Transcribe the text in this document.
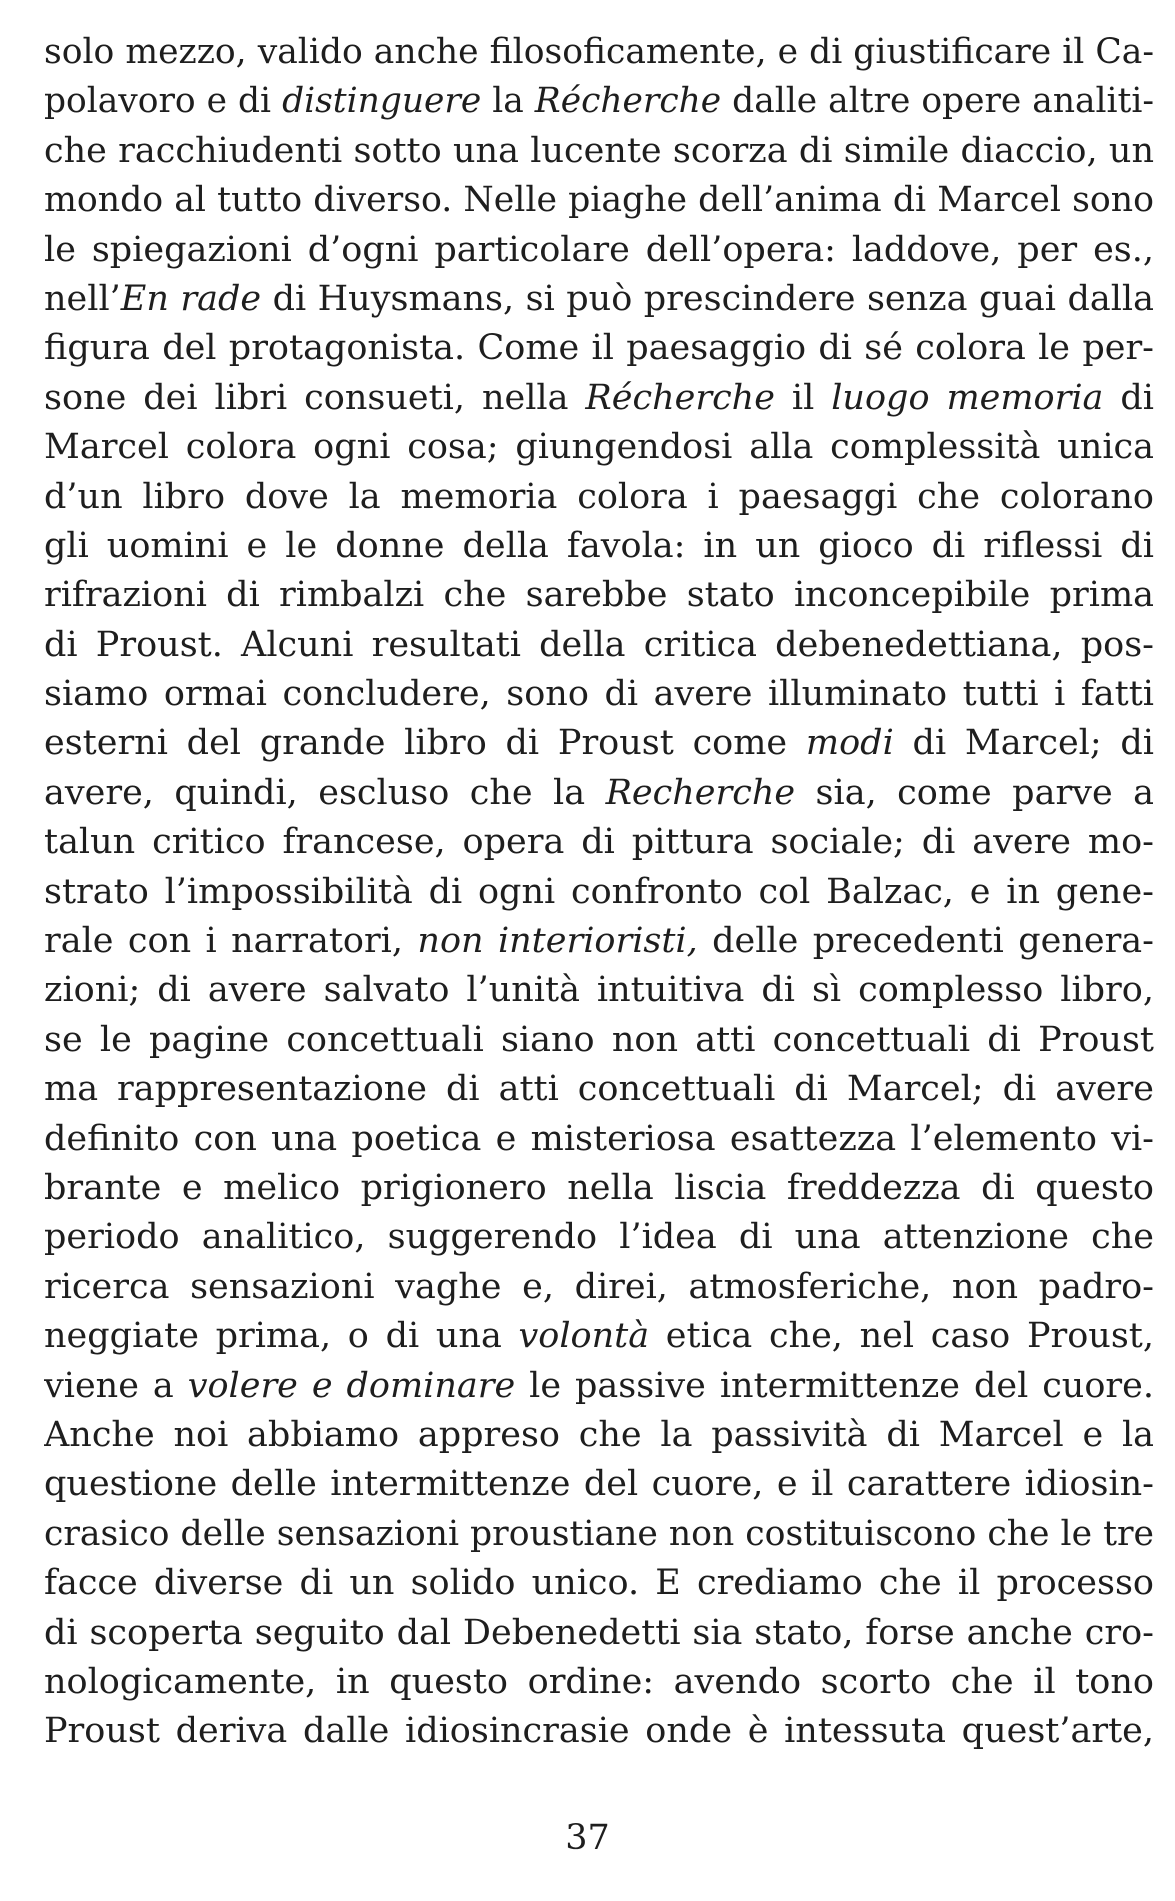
solo mezzo, valido anche filosoficamente, e di giustificare il Ca-
polavoro e di distinguere la Récherche dalle altre opere analiti-
che racchiudenti sotto una lucente scorza di simile diaccio, un
mondo al tutto diverso. Nelle piaghe dell’anima di Marcel sono
le spiegazioni d’ogni particolare dell’opera: laddove, per es.,
nell’En rade di Huysmans, si può prescindere senza guai dalla
figura del protagonista. Come il paesaggio di sé colora le per-
sone dei libri consueti, nella Récherche il luogo memoria di
Marcel colora ogni cosa; giungendosi alla complessità unica
d’un libro dove la memoria colora i paesaggi che colorano
gli uomini e le donne della favola: in un gioco di riflessi di
rifrazioni di rimbalzi che sarebbe stato inconcepibile prima
di Proust. Alcuni resultati della critica debenedettiana, pos-
siamo ormai concludere, sono di avere illuminato tutti i fatti
esterni del grande libro di Proust come modi di Marcel; di
avere, quindi, escluso che la Recherche sia, come parve a
talun critico francese, opera di pittura sociale; di avere mo-
strato l’impossibilità di ogni confronto col Balzac, e in gene-
rale con i narratori, non interioristi, delle precedenti genera-
zioni; di avere salvato l’unità intuitiva di sì complesso libro,
se le pagine concettuali siano non atti concettuali di Proust
ma rappresentazione di atti concettuali di Marcel; di avere
definito con una poetica e misteriosa esattezza l’elemento vi-
brante e melico prigionero nella liscia freddezza di questo
periodo analitico, suggerendo l’idea di una attenzione che
ricerca sensazioni vaghe e, direi, atmosferiche, non padro-
neggiate prima, o di una volontà etica che, nel caso Proust,
viene a volere e dominare le passive intermittenze del cuore.
Anche noi abbiamo appreso che la passività di Marcel e la
questione delle intermittenze del cuore, e il carattere idiosin-
crasico delle sensazioni proustiane non costituiscono che le tre
facce diverse di un solido unico. E crediamo che il processo
di scoperta seguito dal Debenedetti sia stato, forse anche cro-
nologicamente, in questo ordine: avendo scorto che il tono
Proust deriva dalle idiosincrasie onde è intessuta quest’arte,
37
